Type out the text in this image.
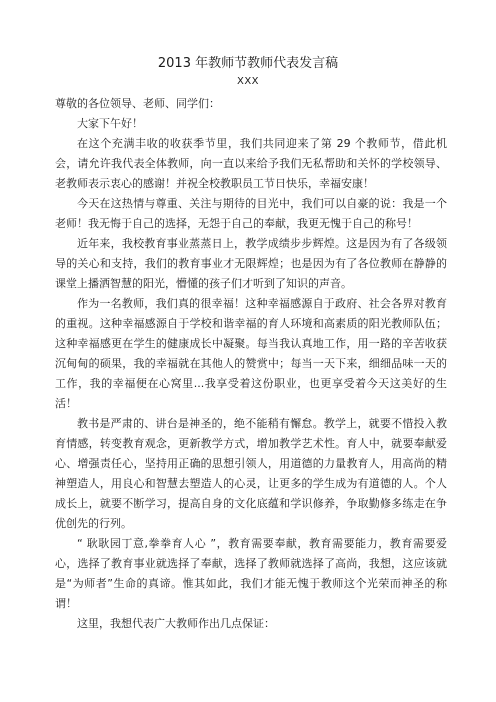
2013 年教师节教师代表发言稿
XXX

尊敬的各位领导、老师、同学们：

大家下午好！

在这个充满丰收的收获季节里，我们共同迎来了第 29 个教师节，借此机会，请允许我代表全体教师，向一直以来给予我们无私帮助和关怀的学校领导、老教师表示衷心的感谢！并祝全校教职员工节日快乐，幸福安康！

今天在这热情与尊重、关注与期待的目光中，我们可以自豪的说：我是一个老师！我无悔于自己的选择，无怨于自己的奉献，我更无愧于自己的称号！

近年来，我校教育事业蒸蒸日上，教学成绩步步辉煌。这是因为有了各级领导的关心和支持，我们的教育事业才无限辉煌；也是因为有了各位教师在静静的课堂上播洒智慧的阳光，懵懂的孩子们才听到了知识的声音。

作为一名教师，我们真的很幸福！这种幸福感源自于政府、社会各界对教育的重视。这种幸福感源自于学校和谐幸福的育人环境和高素质的阳光教师队伍；这种幸福感更在学生的健康成长中凝聚。每当我认真地工作，用一路的辛苦收获沉甸甸的硕果，我的幸福就在其他人的赞赏中；每当一天下来，细细品味一天的工作，我的幸福便在心窝里...我享受着这份职业，也更享受着今天这美好的生活！

教书是严肃的、讲台是神圣的，绝不能稍有懈怠。教学上，就要不惜投入教育情感，转变教育观念，更新教学方式，增加教学艺术性。育人中，就要奉献爱心、增强责任心，坚持用正确的思想引领人，用道德的力量教育人，用高尚的精神塑造人，用良心和智慧去塑造人的心灵，让更多的学生成为有道德的人。个人成长上，就要不断学习，提高自身的文化底蕴和学识修养，争取勤修多练走在争优创先的行列。

“ 耿耿园丁意,拳拳育人心 ”，教育需要奉献，教育需要能力，教育需要爱心，选择了教育事业就选择了奉献，选择了教师就选择了高尚，我想，这应该就是“为师者”生命的真谛。惟其如此，我们才能无愧于教师这个光荣而神圣的称谓！

这里，我想代表广大教师作出几点保证：
